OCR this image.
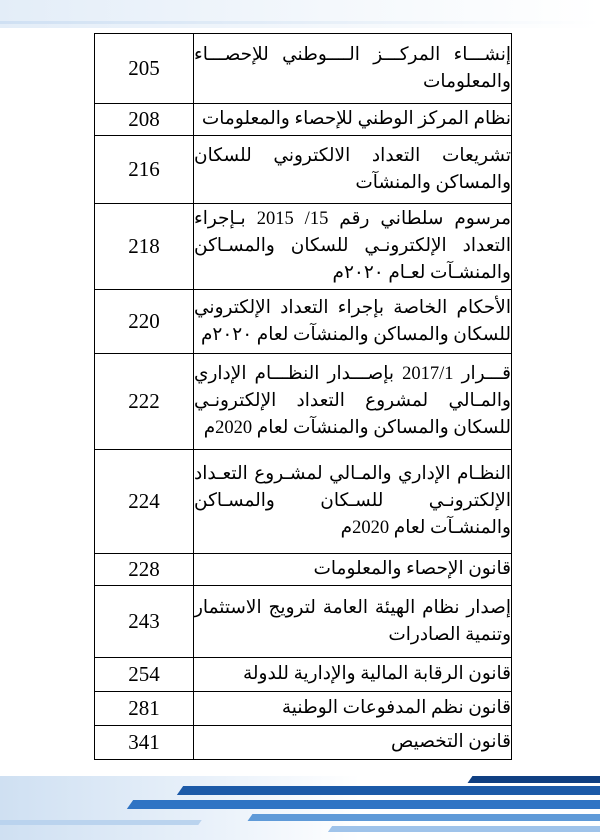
205	إنشـــاء المركـــز الــــوطني للإحصـــاء والمعلومات
208	نظام المركز الوطني للإحصاء والمعلومات
216	تشريعات التعداد الالكتروني للسكان والمساكن والمنشآت
218	مرسوم سلطاني رقم 15/ 2015 بـإجراء التعداد الإلكترونـي للسكان والمسـاكن والمنشـآت لعـام ٢٠٢٠م
220	الأحكام الخاصة بإجراء التعداد الإلكتروني للسكان والمساكن والمنشآت لعام ٢٠٢٠م
222	قـــرار 2017/1 بإصـــدار النظـــام الإداري والمـالي لمشروع التعداد الإلكترونـي للسكان والمساكن والمنشآت لعام 2020م
224	النظـام الإداري والمـالي لمشـروع التعـداد الإلكترونـي للسـكان والمسـاكن والمنشـآت لعام 2020م
228	قانون الإحصاء والمعلومات
243	إصدار نظام الهيئة العامة لترويج الاستثمار وتنمية الصادرات
254	قانون الرقابة المالية والإدارية للدولة
281	قانون نظم المدفوعات الوطنية
341	قانون التخصيص
